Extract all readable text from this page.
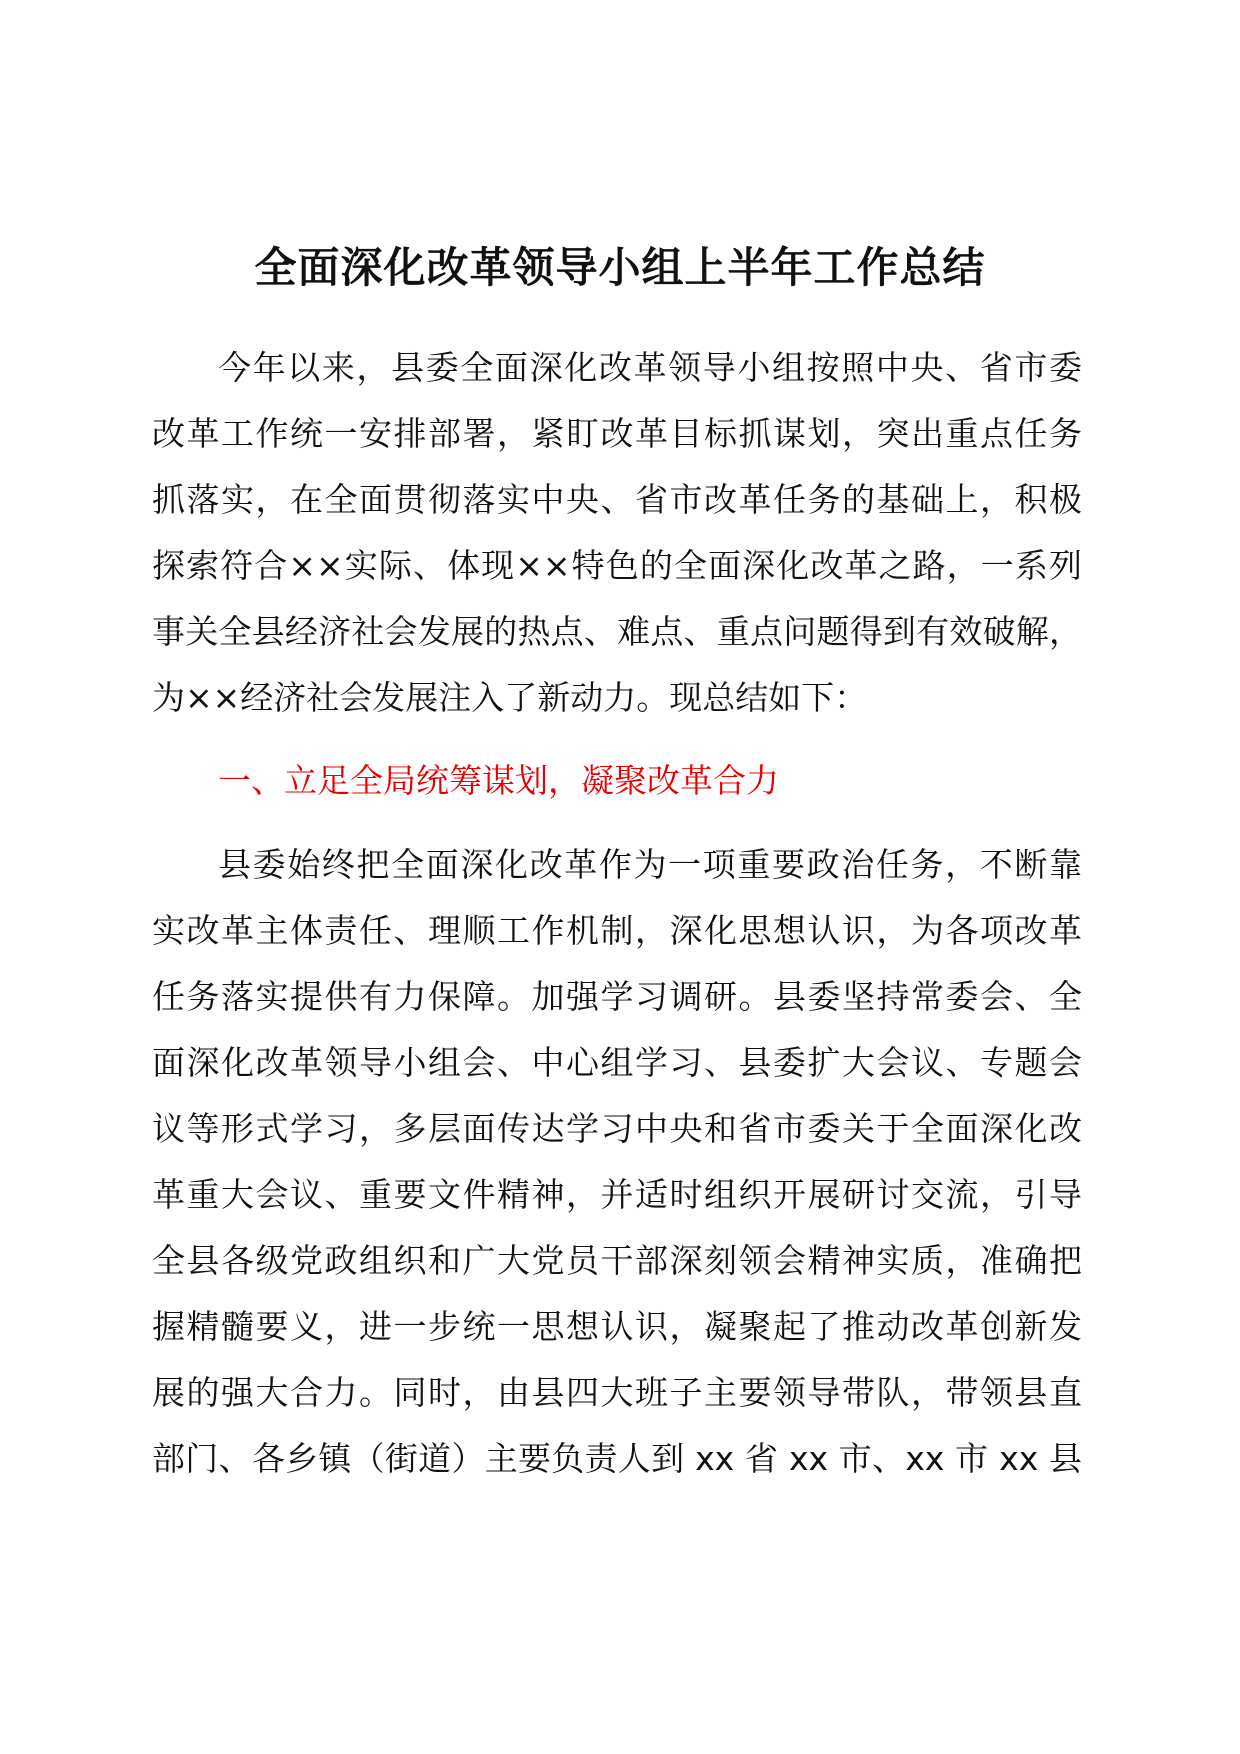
全面深化改革领导小组上半年工作总结
今年以来，县委全面深化改革领导小组按照中央、省市委
改革工作统一安排部署，紧盯改革目标抓谋划，突出重点任务
抓落实，在全面贯彻落实中央、省市改革任务的基础上，积极
探索符合××实际、体现××特色的全面深化改革之路，一系列
事关全县经济社会发展的热点、难点、重点问题得到有效破解，
为××经济社会发展注入了新动力。现总结如下：
一、立足全局统筹谋划，凝聚改革合力
县委始终把全面深化改革作为一项重要政治任务，不断靠
实改革主体责任、理顺工作机制，深化思想认识，为各项改革
任务落实提供有力保障。加强学习调研。县委坚持常委会、全
面深化改革领导小组会、中心组学习、县委扩大会议、专题会
议等形式学习，多层面传达学习中央和省市委关于全面深化改
革重大会议、重要文件精神，并适时组织开展研讨交流，引导
全县各级党政组织和广大党员干部深刻领会精神实质，准确把
握精髓要义，进一步统一思想认识，凝聚起了推动改革创新发
展的强大合力。同时，由县四大班子主要领导带队，带领县直
部门、各乡镇（街道）主要负责人到 xx 省 xx 市、xx 市 xx 县
